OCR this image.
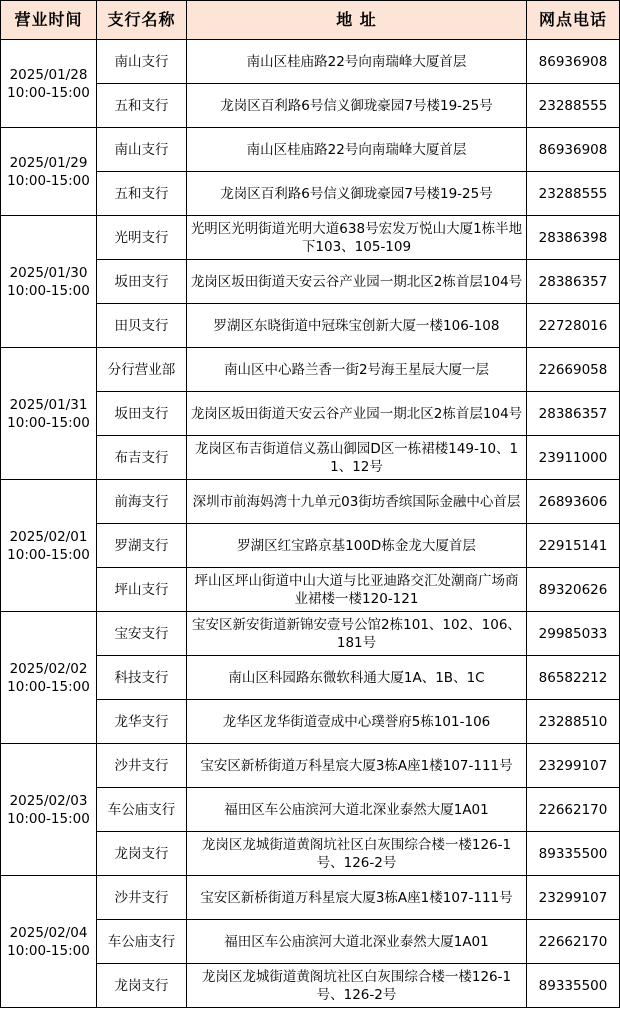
营业时间	支行名称	地 址	网点电话

2025/01/28
10:00-15:00	南山支行	南山区桂庙路22号向南瑞峰大厦首层	86936908
	五和支行	龙岗区百利路6号信义御珑豪园7号楼19-25号	23288555

2025/01/29
10:00-15:00	南山支行	南山区桂庙路22号向南瑞峰大厦首层	86936908
	五和支行	龙岗区百利路6号信义御珑豪园7号楼19-25号	23288555

2025/01/30
10:00-15:00	光明支行	光明区光明街道光明大道638号宏发万悦山大厦1栋半地下103、105-109	28386398
	坂田支行	龙岗区坂田街道天安云谷产业园一期北区2栋首层104号	28386357
	田贝支行	罗湖区东晓街道中冠珠宝创新大厦一楼106-108	22728016

2025/01/31
10:00-15:00	分行营业部	南山区中心路兰香一街2号海王星辰大厦一层	22669058
	坂田支行	龙岗区坂田街道天安云谷产业园一期北区2栋首层104号	28386357
	布吉支行	龙岗区布吉街道信义荔山御园D区一栋裙楼149-10、11、12号	23911000

2025/02/01
10:00-15:00	前海支行	深圳市前海妈湾十九单元03街坊香缤国际金融中心首层	26893606
	罗湖支行	罗湖区红宝路京基100D栋金龙大厦首层	22915141
	坪山支行	坪山区坪山街道中山大道与比亚迪路交汇处潮商广场商业裙楼一楼120-121	89320626

2025/02/02
10:00-15:00	宝安支行	宝安区新安街道新锦安壹号公馆2栋101、102、106、181号	29985033
	科技支行	南山区科园路东微软科通大厦1A、1B、1C	86582212
	龙华支行	龙华区龙华街道壹成中心璞誉府5栋101-106	23288510

2025/02/03
10:00-15:00	沙井支行	宝安区新桥街道万科星宸大厦3栋A座1楼107-111号	23299107
	车公庙支行	福田区车公庙滨河大道北深业泰然大厦1A01	22662170
	龙岗支行	龙岗区龙城街道黄阁坑社区白灰围综合楼一楼126-1号、126-2号	89335500

2025/02/04
10:00-15:00	沙井支行	宝安区新桥街道万科星宸大厦3栋A座1楼107-111号	23299107
	车公庙支行	福田区车公庙滨河大道北深业泰然大厦1A01	22662170
	龙岗支行	龙岗区龙城街道黄阁坑社区白灰围综合楼一楼126-1号、126-2号	89335500
